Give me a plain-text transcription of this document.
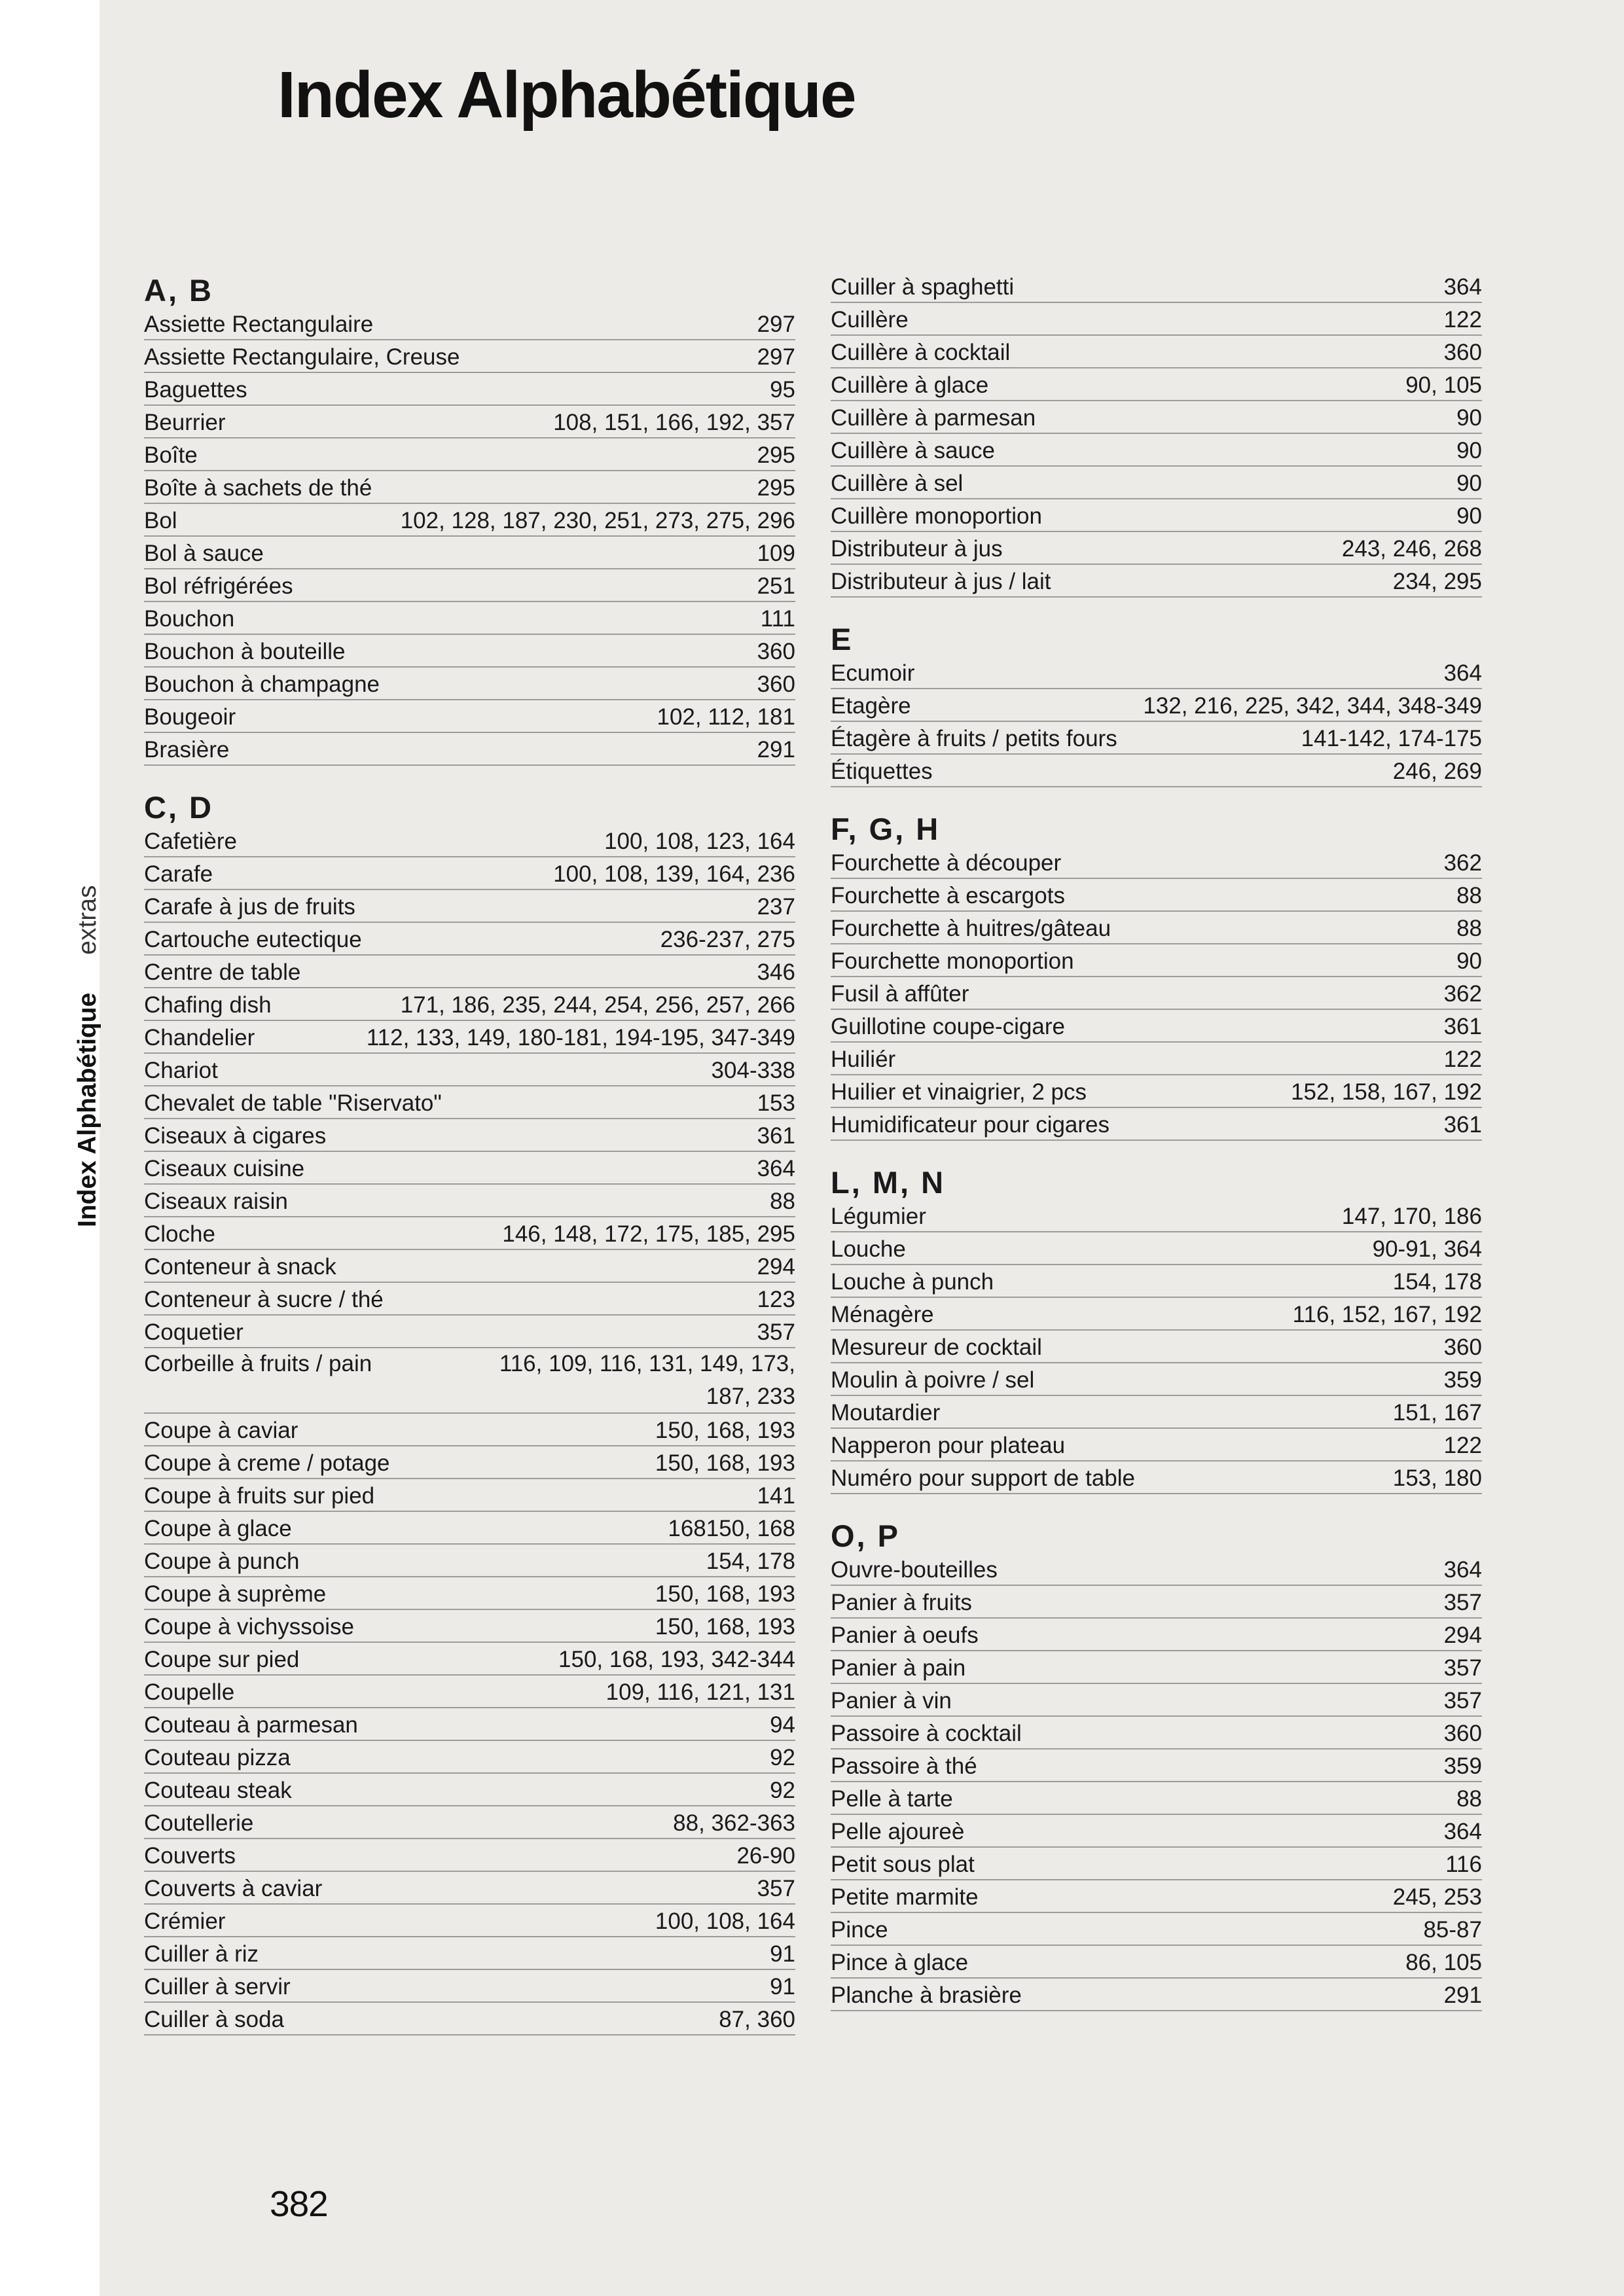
Index Alphabétique
Index Alphabétiqueextras
A, B
Assiette Rectangulaire	297
Assiette Rectangulaire, Creuse	297
Baguettes	95
Beurrier	108, 151, 166, 192, 357
Boîte	295
Boîte à sachets de thé	295
Bol	102, 128, 187, 230, 251, 273, 275, 296
Bol à sauce	109
Bol réfrigérées	251
Bouchon	111
Bouchon à bouteille	360
Bouchon à champagne	360
Bougeoir	102, 112, 181
Brasière	291
C, D
Cafetière	100, 108, 123, 164
Carafe	100, 108, 139, 164, 236
Carafe à jus de fruits	237
Cartouche eutectique	236-237, 275
Centre de table	346
Chafing dish	171, 186, 235, 244, 254, 256, 257, 266
Chandelier	112, 133, 149, 180-181, 194-195, 347-349
Chariot	304-338
Chevalet de table "Riservato"	153
Ciseaux à cigares	361
Ciseaux cuisine	364
Ciseaux raisin	88
Cloche	146, 148, 172, 175, 185, 295
Conteneur à snack	294
Conteneur à sucre / thé	123
Coquetier	357
Corbeille à fruits / pain	116, 109, 116, 131, 149, 173,
187, 233
Coupe à caviar	150, 168, 193
Coupe à creme / potage	150, 168, 193
Coupe à fruits sur pied	141
Coupe à glace	168150, 168
Coupe à punch	154, 178
Coupe à suprème	150, 168, 193
Coupe à vichyssoise	150, 168, 193
Coupe sur pied	150, 168, 193, 342-344
Coupelle	109, 116, 121, 131
Couteau à parmesan	94
Couteau pizza	92
Couteau steak	92
Coutellerie	88, 362-363
Couverts	26-90
Couverts à caviar	357
Crémier	100, 108, 164
Cuiller à riz	91
Cuiller à servir	91
Cuiller à soda	87, 360
Cuiller à spaghetti	364
Cuillère	122
Cuillère à cocktail	360
Cuillère à glace	90, 105
Cuillère à parmesan	90
Cuillère à sauce	90
Cuillère à sel	90
Cuillère monoportion	90
Distributeur à jus	243, 246, 268
Distributeur à jus / lait	234, 295
E
Ecumoir	364
Etagère	132, 216, 225, 342, 344, 348-349
Étagère à fruits / petits fours	141-142, 174-175
Étiquettes	246, 269
F, G, H
Fourchette à découper	362
Fourchette à escargots	88
Fourchette à huitres/gâteau	88
Fourchette monoportion	90
Fusil à affûter	362
Guillotine coupe-cigare	361
Huiliér	122
Huilier et vinaigrier, 2 pcs	152, 158, 167, 192
Humidificateur pour cigares	361
L, M, N
Légumier	147, 170, 186
Louche	90-91, 364
Louche à punch	154, 178
Ménagère	116, 152, 167, 192
Mesureur de cocktail	360
Moulin à poivre / sel	359
Moutardier	151, 167
Napperon pour plateau	122
Numéro pour support de table	153, 180
O, P
Ouvre-bouteilles	364
Panier à fruits	357
Panier à oeufs	294
Panier à pain	357
Panier à vin	357
Passoire à cocktail	360
Passoire à thé	359
Pelle à tarte	88
Pelle ajoureè	364
Petit sous plat	116
Petite marmite	245, 253
Pince	85-87
Pince à glace	86, 105
Planche à brasière	291
382
